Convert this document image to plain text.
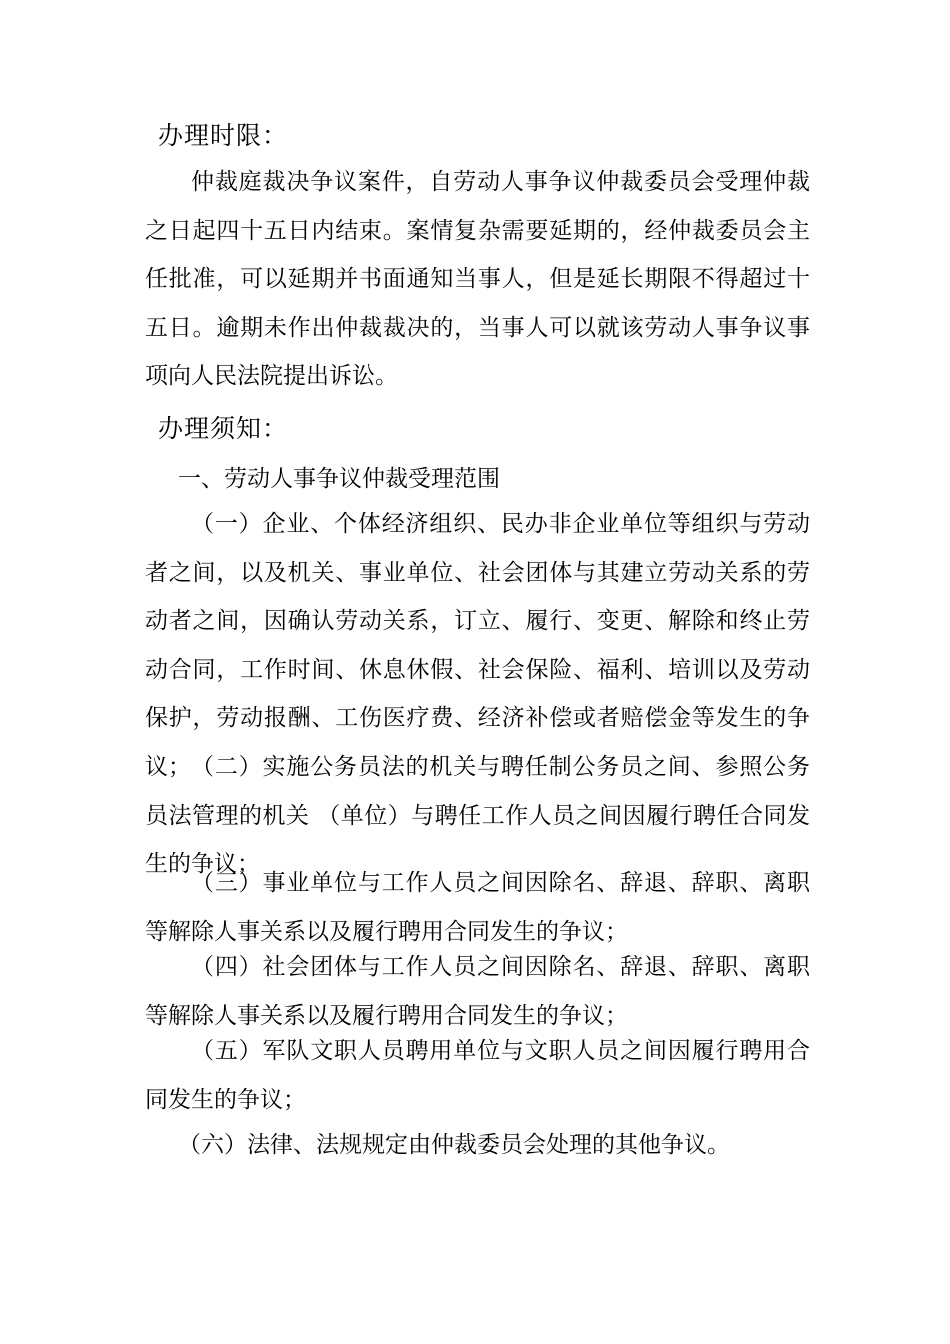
办理时限：

仲裁庭裁决争议案件，自劳动人事争议仲裁委员会受理仲裁之日起四十五日内结束。案情复杂需要延期的，经仲裁委员会主任批准，可以延期并书面通知当事人，但是延长期限不得超过十五日。逾期未作出仲裁裁决的，当事人可以就该劳动人事争议事项向人民法院提出诉讼。

办理须知：
一、劳动人事争议仲裁受理范围

（一）企业、个体经济组织、民办非企业单位等组织与劳动者之间，以及机关、事业单位、社会团体与其建立劳动关系的劳动者之间，因确认劳动关系，订立、履行、变更、解除和终止劳动合同，工作时间、休息休假、社会保险、福利、培训以及劳动保护，劳动报酬、工伤医疗费、经济补偿或者赔偿金等发生的争议； （二）实施公务员法的机关与聘任制公务员之间、参照公务员法管理的机关 （单位）与聘任工作人员之间因履行聘任合同发生的争议；

（三）事业单位与工作人员之间因除名、辞退、辞职、离职等解除人事关系以及履行聘用合同发生的争议；

（四）社会团体与工作人员之间因除名、辞退、辞职、离职等解除人事关系以及履行聘用合同发生的争议；

（五）军队文职人员聘用单位与文职人员之间因履行聘用合同发生的争议；

（六）法律、法规规定由仲裁委员会处理的其他争议。
